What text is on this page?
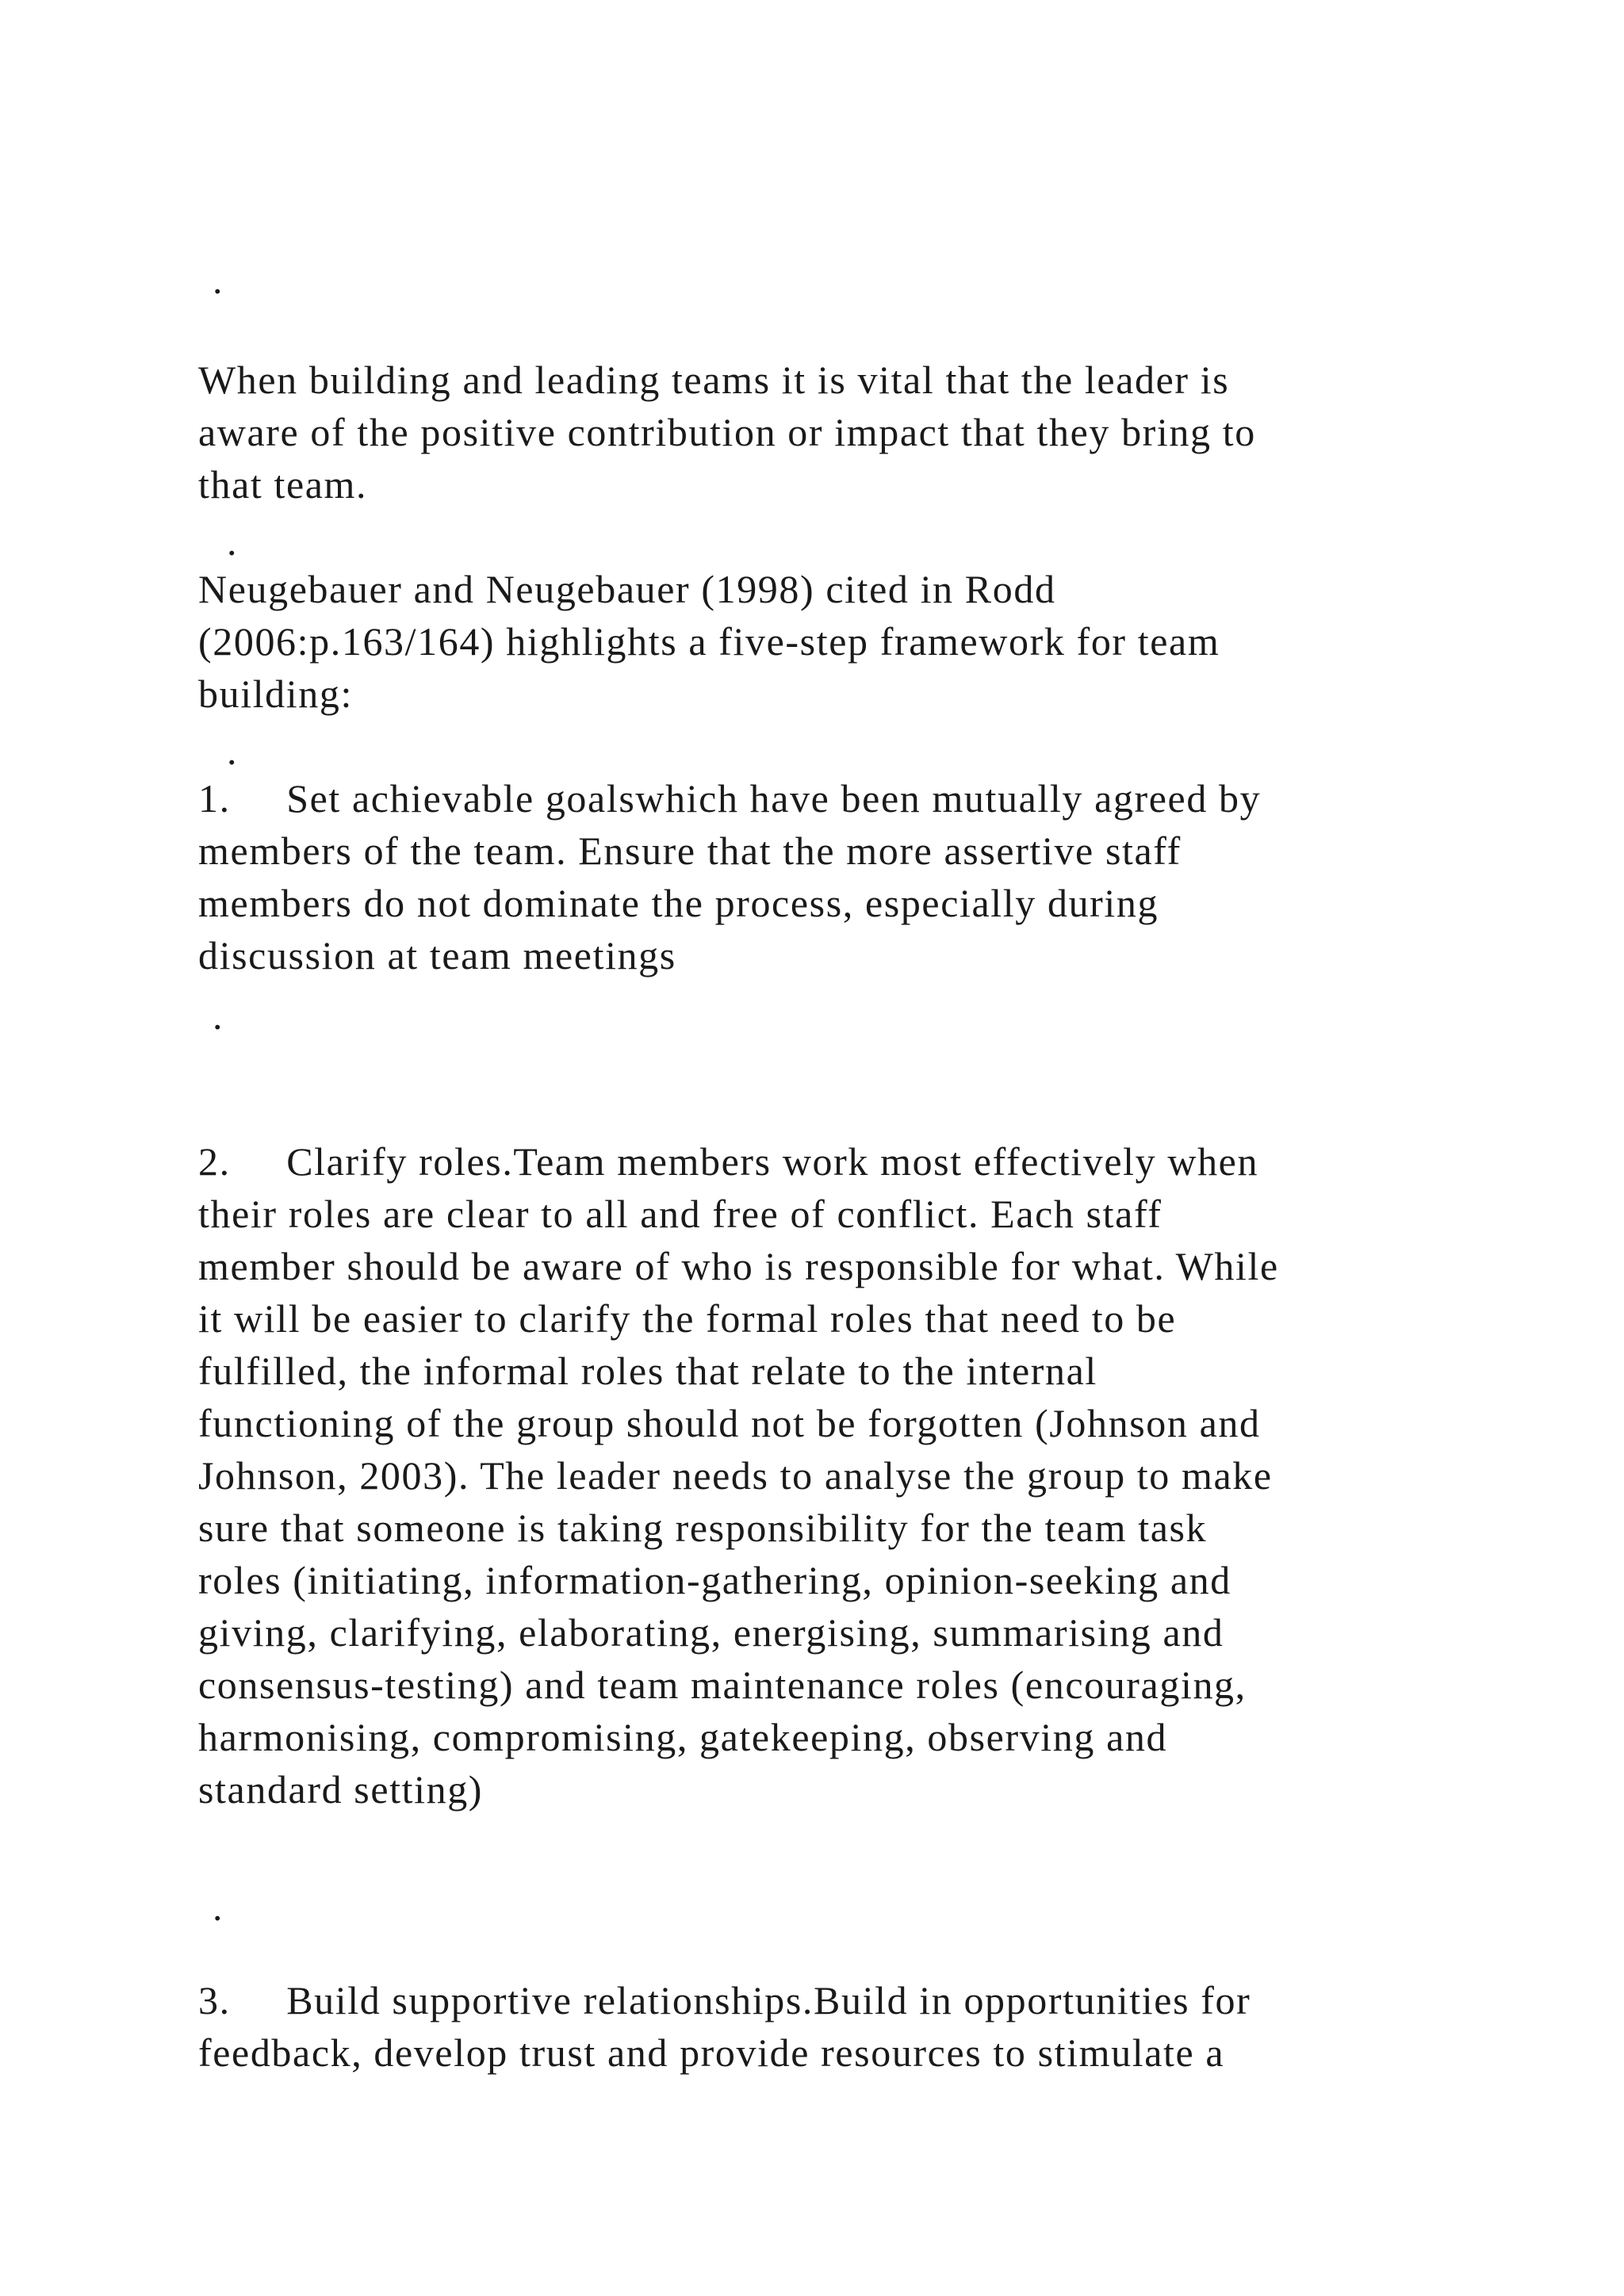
.

When building and leading teams it is vital that the leader is

aware of the positive contribution or impact that they bring to

that team.

.

Neugebauer and Neugebauer (1998) cited in Rodd

(2006:p.163/164) highlights a five-step framework for team

building:

.

1.     Set achievable goalswhich have been mutually agreed by

members of the team. Ensure that the more assertive staff

members do not dominate the process, especially during

discussion at team meetings

.

2.     Clarify roles.Team members work most effectively when

their roles are clear to all and free of conflict. Each staff

member should be aware of who is responsible for what. While

it will be easier to clarify the formal roles that need to be

fulfilled, the informal roles that relate to the internal

functioning of the group should not be forgotten (Johnson and

Johnson, 2003). The leader needs to analyse the group to make

sure that someone is taking responsibility for the team task

roles (initiating, information-gathering, opinion-seeking and

giving, clarifying, elaborating, energising, summarising and

consensus-testing) and team maintenance roles (encouraging,

harmonising, compromising, gatekeeping, observing and

standard setting)

.

3.     Build supportive relationships.Build in opportunities for

feedback, develop trust and provide resources to stimulate a
